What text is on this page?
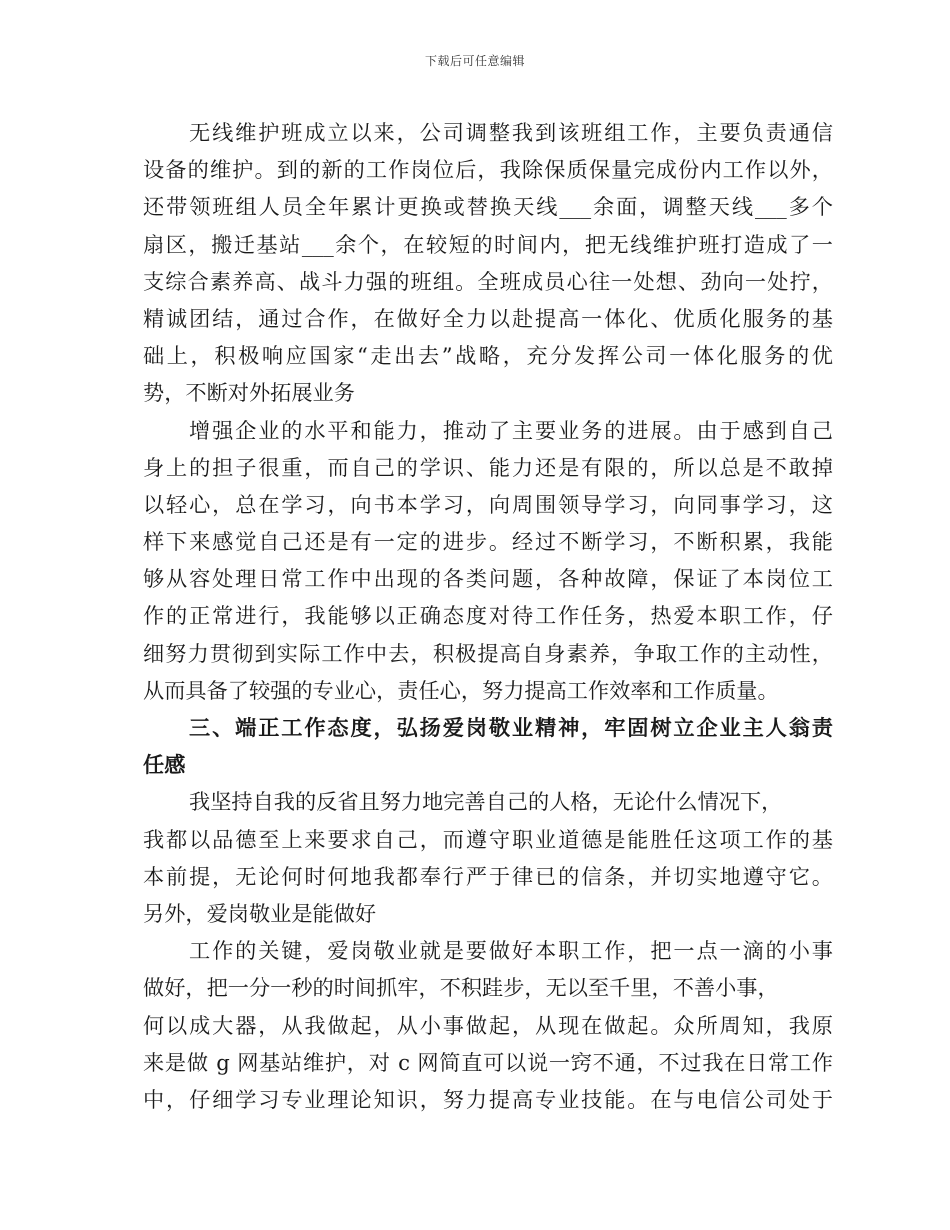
下载后可任意编辑
无线维护班成立以来，公司调整我到该班组工作，主要负责通信
设备的维护。到的新的工作岗位后，我除保质保量完成份内工作以外，
还带领班组人员全年累计更换或替换天线___余面，调整天线___多个
扇区，搬迁基站___余个，在较短的时间内，把无线维护班打造成了一
支综合素养高、战斗力强的班组。全班成员心往一处想、劲向一处拧，
精诚团结，通过合作，在做好全力以赴提高一体化、优质化服务的基
础上，积极响应国家“走出去”战略，充分发挥公司一体化服务的优
势，不断对外拓展业务
增强企业的水平和能力，推动了主要业务的进展。由于感到自己
身上的担子很重，而自己的学识、能力还是有限的，所以总是不敢掉
以轻心，总在学习，向书本学习，向周围领导学习，向同事学习，这
样下来感觉自己还是有一定的进步。经过不断学习，不断积累，我能
够从容处理日常工作中出现的各类问题，各种故障，保证了本岗位工
作的正常进行，我能够以正确态度对待工作任务，热爱本职工作，仔
细努力贯彻到实际工作中去，积极提高自身素养，争取工作的主动性，
从而具备了较强的专业心，责任心，努力提高工作效率和工作质量。
三、端正工作态度，弘扬爱岗敬业精神，牢固树立企业主人翁责
任感
我坚持自我的反省且努力地完善自己的人格，无论什么情况下，
我都以品德至上来要求自己，而遵守职业道德是能胜任这项工作的基
本前提，无论何时何地我都奉行严于律已的信条，并切实地遵守它。
另外，爱岗敬业是能做好
工作的关键，爱岗敬业就是要做好本职工作，把一点一滴的小事
做好，把一分一秒的时间抓牢，不积跬步，无以至千里，不善小事，
何以成大器，从我做起，从小事做起，从现在做起。众所周知，我原
来是做 g 网基站维护，对 c 网简直可以说一窍不通，不过我在日常工作
中，仔细学习专业理论知识，努力提高专业技能。在与电信公司处于
